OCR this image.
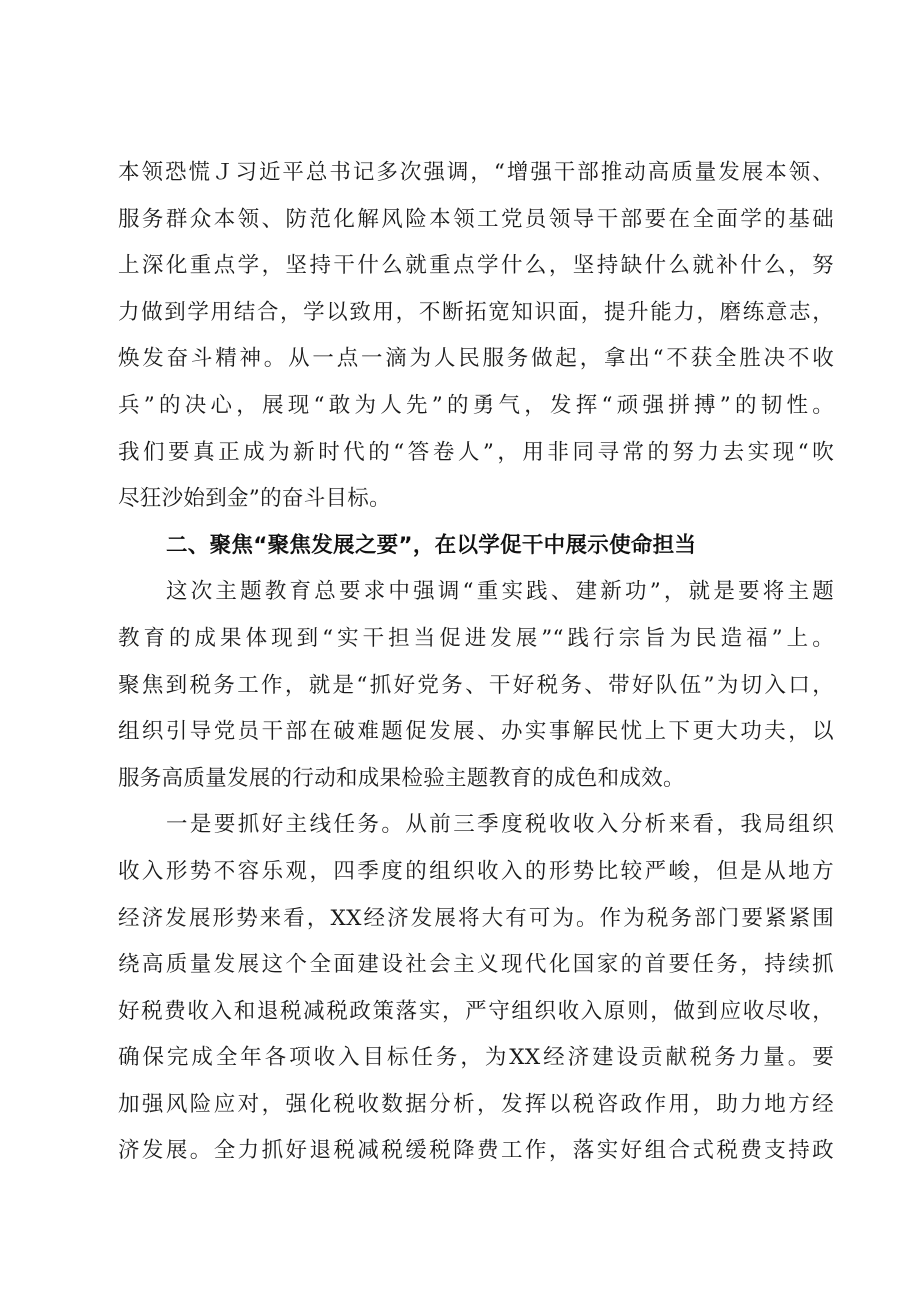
本领恐慌Ｊ习近平总书记多次强调，“增强干部推动高质量发展本领、
服务群众本领、防范化解风险本领工党员领导干部要在全面学的基础
上深化重点学，坚持干什么就重点学什么，坚持缺什么就补什么，努
力做到学用结合，学以致用，不断拓宽知识面，提升能力，磨练意志，
焕发奋斗精神。从一点一滴为人民服务做起，拿出“不获全胜决不收
兵”的决心，展现“敢为人先”的勇气，发挥“顽强拼搏”的韧性。
我们要真正成为新时代的“答卷人”，用非同寻常的努力去实现“吹
尽狂沙始到金”的奋斗目标。
二、聚焦“聚焦发展之要”，在以学促干中展示使命担当
这次主题教育总要求中强调“重实践、建新功”，就是要将主题
教育的成果体现到“实干担当促进发展”“践行宗旨为民造福”上。
聚焦到税务工作，就是“抓好党务、干好税务、带好队伍”为切入口，
组织引导党员干部在破难题促发展、办实事解民忧上下更大功夫，以
服务高质量发展的行动和成果检验主题教育的成色和成效。
一是要抓好主线任务。从前三季度税收收入分析来看，我局组织
收入形势不容乐观，四季度的组织收入的形势比较严峻，但是从地方
经济发展形势来看，XX经济发展将大有可为。作为税务部门要紧紧围
绕高质量发展这个全面建设社会主义现代化国家的首要任务，持续抓
好税费收入和退税减税政策落实，严守组织收入原则，做到应收尽收，
确保完成全年各项收入目标任务，为XX经济建设贡献税务力量。要
加强风险应对，强化税收数据分析，发挥以税咨政作用，助力地方经
济发展。全力抓好退税减税缓税降费工作，落实好组合式税费支持政
